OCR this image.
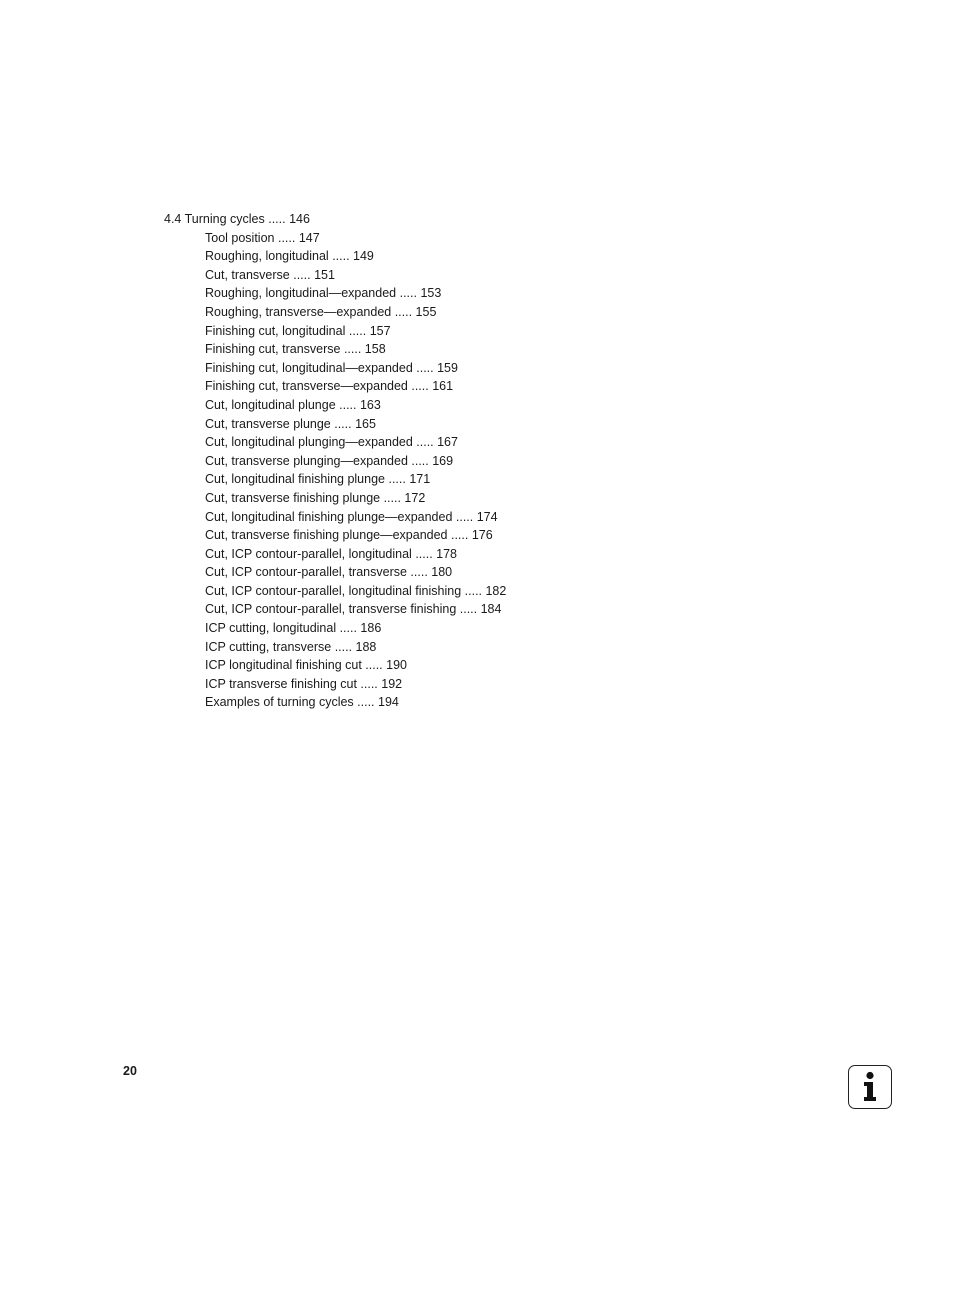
4.4 Turning cycles ..... 146
Tool position ..... 147
Roughing, longitudinal ..... 149
Cut, transverse ..... 151
Roughing, longitudinal—expanded ..... 153
Roughing, transverse—expanded ..... 155
Finishing cut, longitudinal ..... 157
Finishing cut, transverse ..... 158
Finishing cut, longitudinal—expanded ..... 159
Finishing cut, transverse—expanded ..... 161
Cut, longitudinal plunge ..... 163
Cut, transverse plunge ..... 165
Cut, longitudinal plunging—expanded ..... 167
Cut, transverse plunging—expanded ..... 169
Cut, longitudinal finishing plunge ..... 171
Cut, transverse finishing plunge ..... 172
Cut, longitudinal finishing plunge—expanded ..... 174
Cut, transverse finishing plunge—expanded ..... 176
Cut, ICP contour-parallel, longitudinal ..... 178
Cut, ICP contour-parallel, transverse ..... 180
Cut, ICP contour-parallel, longitudinal finishing ..... 182
Cut, ICP contour-parallel, transverse finishing ..... 184
ICP cutting, longitudinal ..... 186
ICP cutting, transverse ..... 188
ICP longitudinal finishing cut ..... 190
ICP transverse finishing cut ..... 192
Examples of turning cycles ..... 194
20
